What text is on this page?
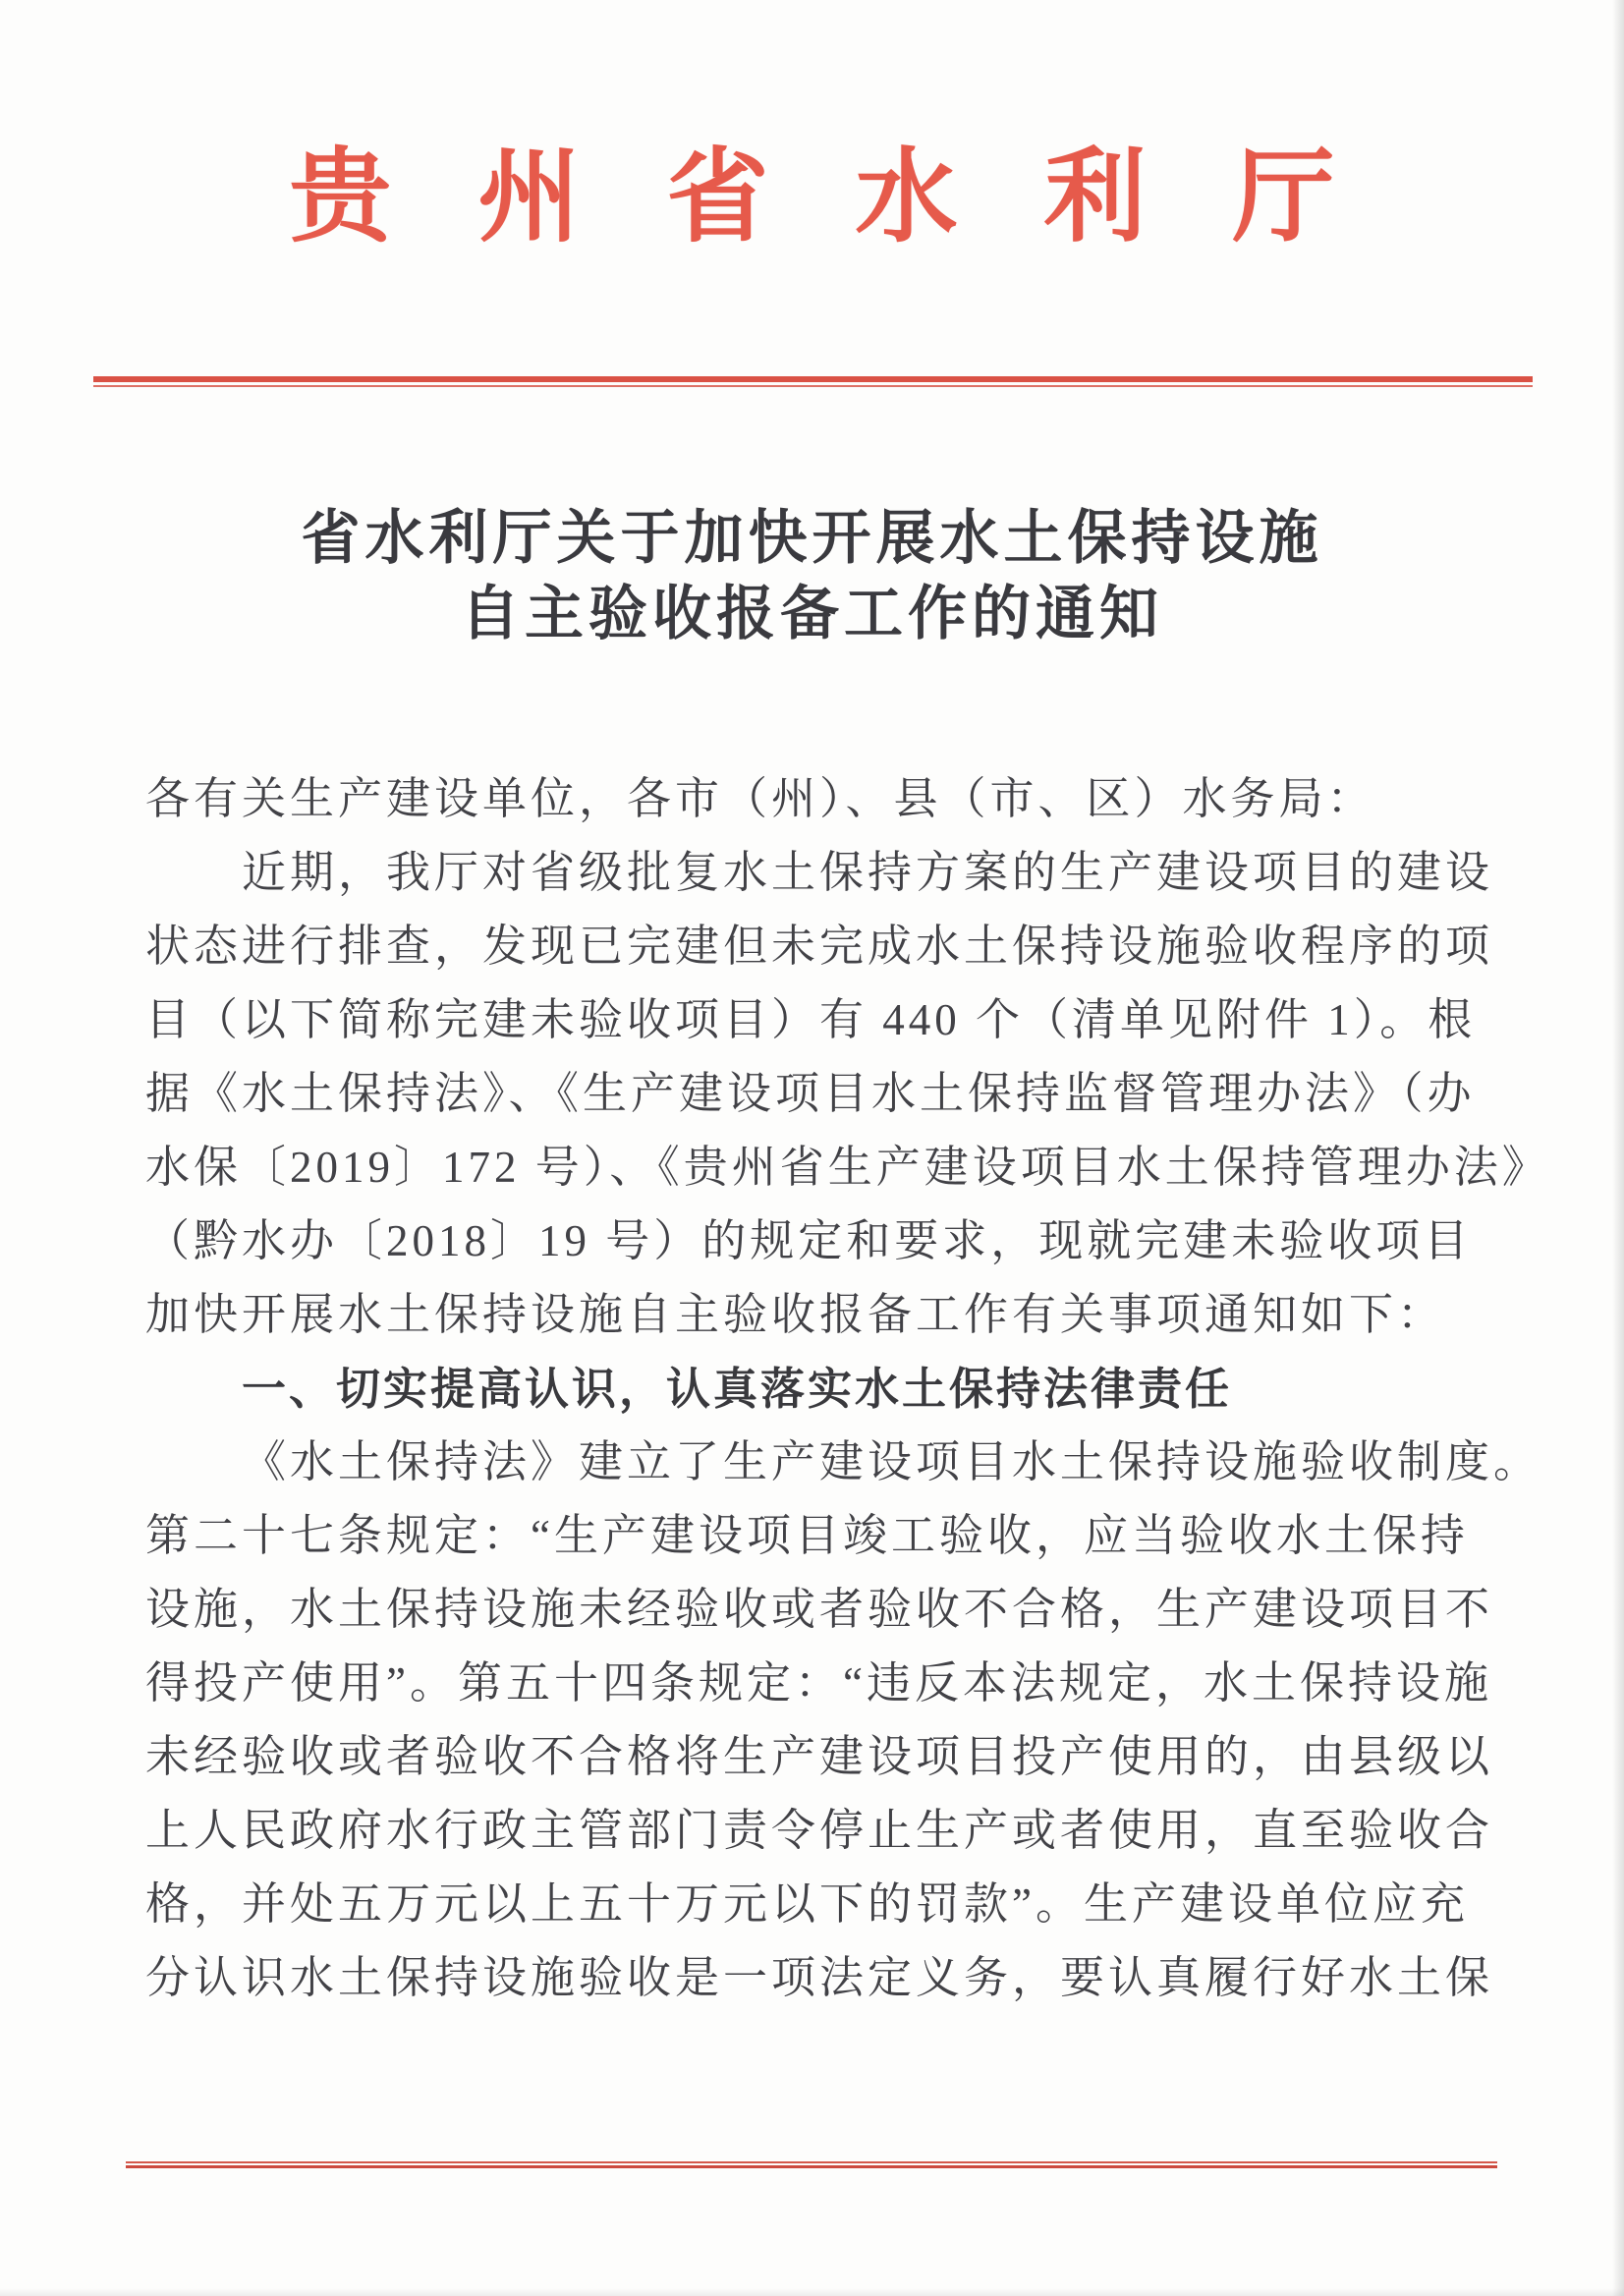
贵州省水利厅
省水利厅关于加快开展水土保持设施
自主验收报备工作的通知
各有关生产建设单位，各市（州）、县（市、区）水务局：
近期，我厅对省级批复水土保持方案的生产建设项目的建设
状态进行排查，发现已完建但未完成水土保持设施验收程序的项
目（以下简称完建未验收项目）有 440 个（清单见附件 1）。根
据《水土保持法》、《生产建设项目水土保持监督管理办法》（办
水保〔2019〕172 号）、《贵州省生产建设项目水土保持管理办法》
（黔水办〔2018〕19 号）的规定和要求，现就完建未验收项目
加快开展水土保持设施自主验收报备工作有关事项通知如下：
一、切实提高认识，认真落实水土保持法律责任
《水土保持法》建立了生产建设项目水土保持设施验收制度。
第二十七条规定：“生产建设项目竣工验收，应当验收水土保持
设施，水土保持设施未经验收或者验收不合格，生产建设项目不
得投产使用”。第五十四条规定：“违反本法规定，水土保持设施
未经验收或者验收不合格将生产建设项目投产使用的，由县级以
上人民政府水行政主管部门责令停止生产或者使用，直至验收合
格，并处五万元以上五十万元以下的罚款”。生产建设单位应充
分认识水土保持设施验收是一项法定义务，要认真履行好水土保
